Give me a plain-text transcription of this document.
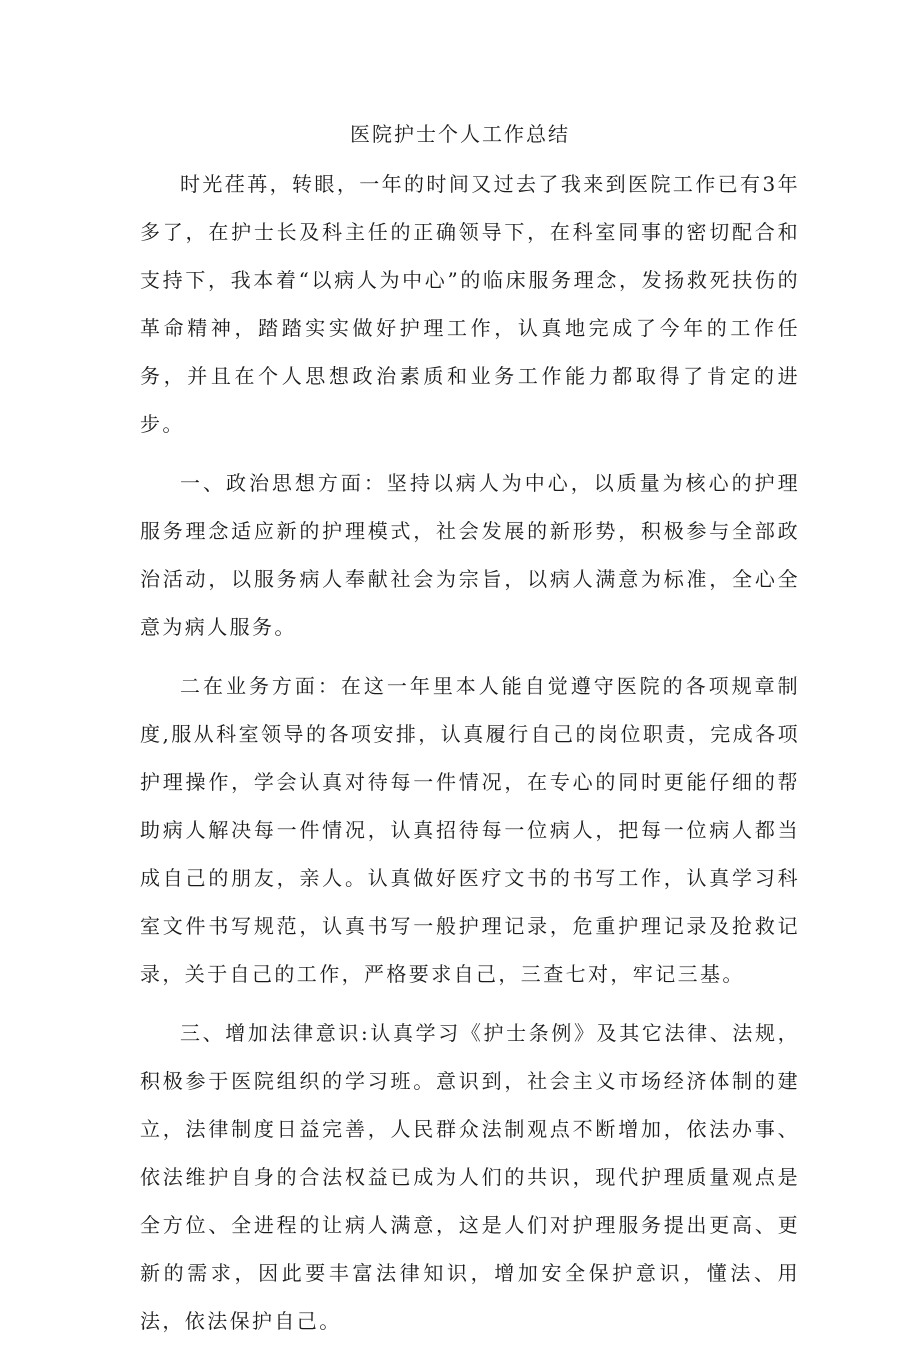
医院护士个人工作总结

时光荏苒，转眼，一年的时间又过去了我来到医院工作已有3年多了，在护士长及科主任的正确领导下，在科室同事的密切配合和支持下，我本着“以病人为中心”的临床服务理念，发扬救死扶伤的革命精神，踏踏实实做好护理工作，认真地完成了今年的工作任务，并且在个人思想政治素质和业务工作能力都取得了肯定的进步。

一、政治思想方面：坚持以病人为中心，以质量为核心的护理服务理念适应新的护理模式，社会发展的新形势，积极参与全部政治活动，以服务病人奉献社会为宗旨，以病人满意为标准，全心全意为病人服务。

二在业务方面：在这一年里本人能自觉遵守医院的各项规章制度,服从科室领导的各项安排，认真履行自己的岗位职责，完成各项护理操作，学会认真对待每一件情况，在专心的同时更能仔细的帮助病人解决每一件情况，认真招待每一位病人，把每一位病人都当成自己的朋友，亲人。认真做好医疗文书的书写工作，认真学习科室文件书写规范，认真书写一般护理记录，危重护理记录及抢救记录，关于自己的工作，严格要求自己，三查七对，牢记三基。

三、增加法律意识:认真学习《护士条例》及其它法律、法规，积极参于医院组织的学习班。意识到，社会主义市场经济体制的建立，法律制度日益完善，人民群众法制观点不断增加，依法办事、依法维护自身的合法权益已成为人们的共识，现代护理质量观点是全方位、全进程的让病人满意，这是人们对护理服务提出更高、更新的需求，因此要丰富法律知识，增加安全保护意识，懂法、用法，依法保护自己。
